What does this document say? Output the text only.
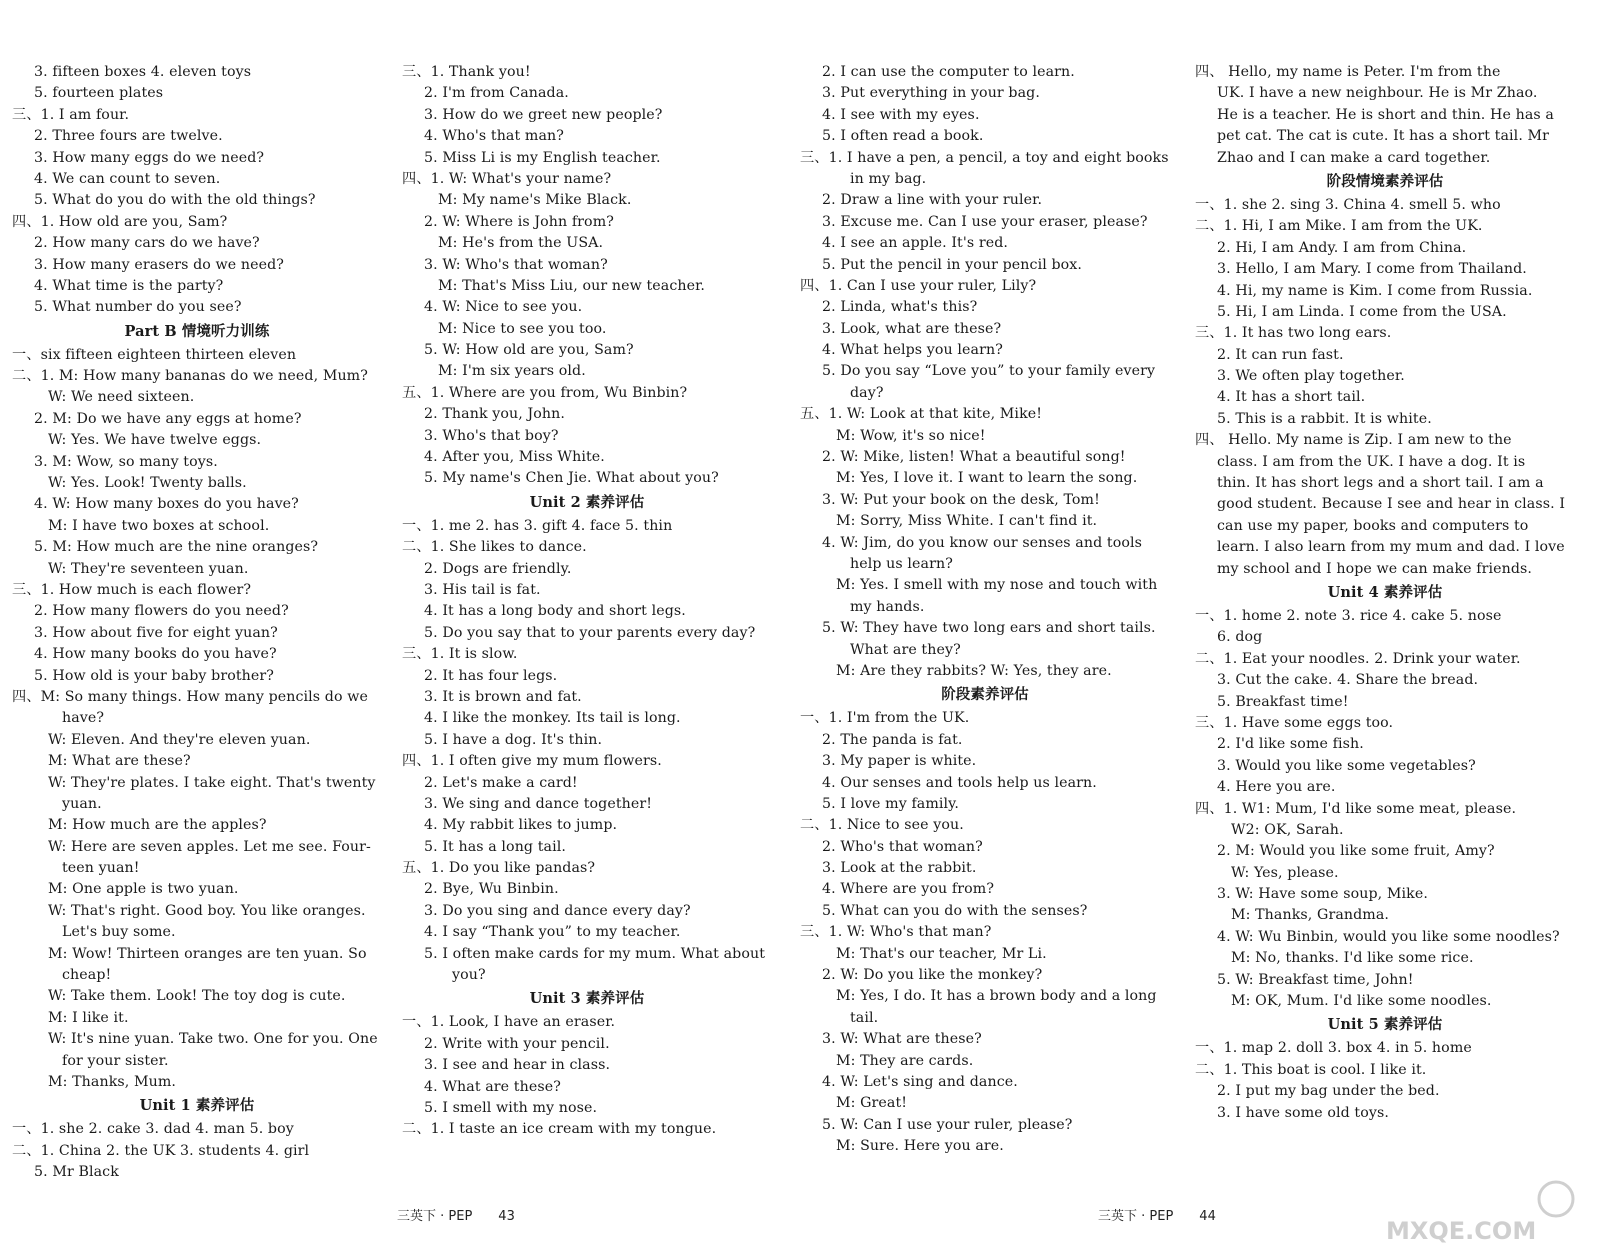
3. fifteen boxes 4. eleven toys
5. fourteen plates
三、1. I am four.
2. Three fours are twelve.
3. How many eggs do we need?
4. We can count to seven.
5. What do you do with the old things?
四、1. How old are you, Sam?
2. How many cars do we have?
3. How many erasers do we need?
4. What time is the party?
5. What number do you see?
Part B 情境听力训练
一、six fifteen eighteen thirteen eleven
二、1. M: How many bananas do we need, Mum?
W: We need sixteen.
2. M: Do we have any eggs at home?
W: Yes. We have twelve eggs.
3. M: Wow, so many toys.
W: Yes. Look! Twenty balls.
4. W: How many boxes do you have?
M: I have two boxes at school.
5. M: How much are the nine oranges?
W: They're seventeen yuan.
三、1. How much is each flower?
2. How many flowers do you need?
3. How about five for eight yuan?
4. How many books do you have?
5. How old is your baby brother?
四、M: So many things. How many pencils do we
have?
W: Eleven. And they're eleven yuan.
M: What are these?
W: They're plates. I take eight. That's twenty
yuan.
M: How much are the apples?
W: Here are seven apples. Let me see. Four-
teen yuan!
M: One apple is two yuan.
W: That's right. Good boy. You like oranges.
Let's buy some.
M: Wow! Thirteen oranges are ten yuan. So
cheap!
W: Take them. Look! The toy dog is cute.
M: I like it.
W: It's nine yuan. Take two. One for you. One
for your sister.
M: Thanks, Mum.
Unit 1 素养评估
一、1. she 2. cake 3. dad 4. man 5. boy
二、1. China 2. the UK 3. students 4. girl
5. Mr Black
三、1. Thank you!
2. I'm from Canada.
3. How do we greet new people?
4. Who's that man?
5. Miss Li is my English teacher.
四、1. W: What's your name?
M: My name's Mike Black.
2. W: Where is John from?
M: He's from the USA.
3. W: Who's that woman?
M: That's Miss Liu, our new teacher.
4. W: Nice to see you.
M: Nice to see you too.
5. W: How old are you, Sam?
M: I'm six years old.
五、1. Where are you from, Wu Binbin?
2. Thank you, John.
3. Who's that boy?
4. After you, Miss White.
5. My name's Chen Jie. What about you?
Unit 2 素养评估
一、1. me 2. has 3. gift 4. face 5. thin
二、1. She likes to dance.
2. Dogs are friendly.
3. His tail is fat.
4. It has a long body and short legs.
5. Do you say that to your parents every day?
三、1. It is slow.
2. It has four legs.
3. It is brown and fat.
4. I like the monkey. Its tail is long.
5. I have a dog. It's thin.
四、1. I often give my mum flowers.
2. Let's make a card!
3. We sing and dance together!
4. My rabbit likes to jump.
5. It has a long tail.
五、1. Do you like pandas?
2. Bye, Wu Binbin.
3. Do you sing and dance every day?
4. I say “Thank you” to my teacher.
5. I often make cards for my mum. What about
you?
Unit 3 素养评估
一、1. Look, I have an eraser.
2. Write with your pencil.
3. I see and hear in class.
4. What are these?
5. I smell with my nose.
二、1. I taste an ice cream with my tongue.
2. I can use the computer to learn.
3. Put everything in your bag.
4. I see with my eyes.
5. I often read a book.
三、1. I have a pen, a pencil, a toy and eight books
in my bag.
2. Draw a line with your ruler.
3. Excuse me. Can I use your eraser, please?
4. I see an apple. It's red.
5. Put the pencil in your pencil box.
四、1. Can I use your ruler, Lily?
2. Linda, what's this?
3. Look, what are these?
4. What helps you learn?
5. Do you say “Love you” to your family every
day?
五、1. W: Look at that kite, Mike!
M: Wow, it's so nice!
2. W: Mike, listen! What a beautiful song!
M: Yes, I love it. I want to learn the song.
3. W: Put your book on the desk, Tom!
M: Sorry, Miss White. I can't find it.
4. W: Jim, do you know our senses and tools
help us learn?
M: Yes. I smell with my nose and touch with
my hands.
5. W: They have two long ears and short tails.
What are they?
M: Are they rabbits? W: Yes, they are.
阶段素养评估
一、1. I'm from the UK.
2. The panda is fat.
3. My paper is white.
4. Our senses and tools help us learn.
5. I love my family.
二、1. Nice to see you.
2. Who's that woman?
3. Look at the rabbit.
4. Where are you from?
5. What can you do with the senses?
三、1. W: Who's that man?
M: That's our teacher, Mr Li.
2. W: Do you like the monkey?
M: Yes, I do. It has a brown body and a long
tail.
3. W: What are these?
M: They are cards.
4. W: Let's sing and dance.
M: Great!
5. W: Can I use your ruler, please?
M: Sure. Here you are.
四、 Hello, my name is Peter. I'm from the
UK. I have a new neighbour. He is Mr Zhao.
He is a teacher. He is short and thin. He has a
pet cat. The cat is cute. It has a short tail. Mr
Zhao and I can make a card together.
阶段情境素养评估
一、1. she 2. sing 3. China 4. smell 5. who
二、1. Hi, I am Mike. I am from the UK.
2. Hi, I am Andy. I am from China.
3. Hello, I am Mary. I come from Thailand.
4. Hi, my name is Kim. I come from Russia.
5. Hi, I am Linda. I come from the USA.
三、1. It has two long ears.
2. It can run fast.
3. We often play together.
4. It has a short tail.
5. This is a rabbit. It is white.
四、 Hello. My name is Zip. I am new to the
class. I am from the UK. I have a dog. It is
thin. It has short legs and a short tail. I am a
good student. Because I see and hear in class. I
can use my paper, books and computers to
learn. I also learn from my mum and dad. I love
my school and I hope we can make friends.
Unit 4 素养评估
一、1. home 2. note 3. rice 4. cake 5. nose
6. dog
二、1. Eat your noodles. 2. Drink your water.
3. Cut the cake. 4. Share the bread.
5. Breakfast time!
三、1. Have some eggs too.
2. I'd like some fish.
3. Would you like some vegetables?
4. Here you are.
四、1. W1: Mum, I'd like some meat, please.
W2: OK, Sarah.
2. M: Would you like some fruit, Amy?
W: Yes, please.
3. W: Have some soup, Mike.
M: Thanks, Grandma.
4. W: Wu Binbin, would you like some noodles?
M: No, thanks. I'd like some rice.
5. W: Breakfast time, John!
M: OK, Mum. I'd like some noodles.
Unit 5 素养评估
一、1. map 2. doll 3. box 4. in 5. home
二、1. This boat is cool. I like it.
2. I put my bag under the bed.
3. I have some old toys.
三英下 · PEP 43	三英下 · PEP 44
MXQE.COM
